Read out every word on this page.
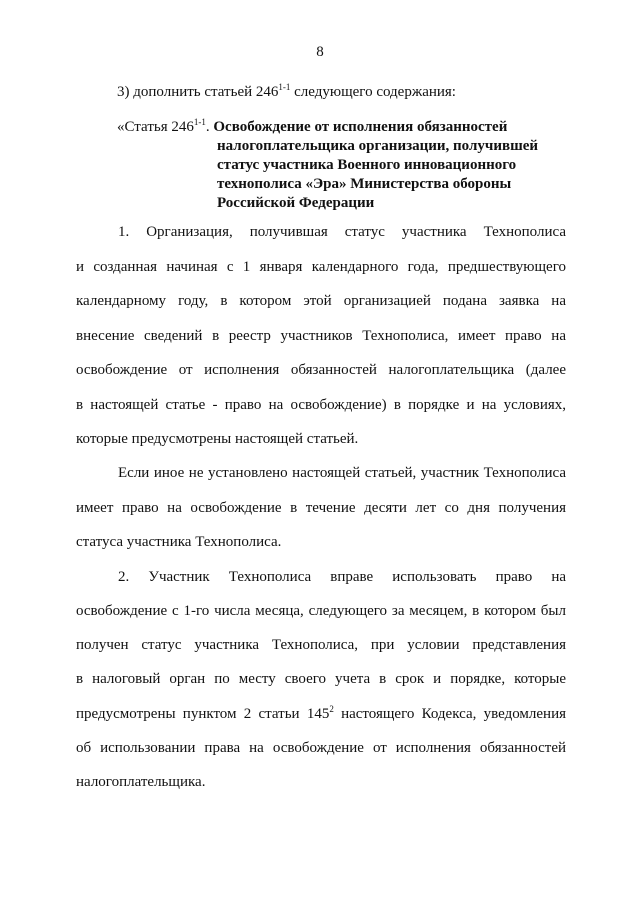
8
3) дополнить статьей 246$^{1-1}$ следующего содержания:
«Статья 246$^{1-1}$. Освобождение от исполнения обязанностей
налогоплательщика организации, получившей
статус участника Военного инновационного
технополиса «Эра» Министерства обороны
Российской Федерации
1. Организация, получившая статус участника Технополиса
и созданная начиная с 1 января календарного года, предшествующего
календарному году, в котором этой организацией подана заявка на
внесение сведений в реестр участников Технополиса, имеет право на
освобождение от исполнения обязанностей налогоплательщика (далее
в настоящей статье - право на освобождение) в порядке и на условиях,
которые предусмотрены настоящей статьей.
Если иное не установлено настоящей статьей, участник Технополиса
имеет право на освобождение в течение десяти лет со дня получения
статуса участника Технополиса.
2. Участник Технополиса вправе использовать право на
освобождение с 1-го числа месяца, следующего за месяцем, в котором был
получен статус участника Технополиса, при условии представления
в налоговый орган по месту своего учета в срок и порядке, которые
предусмотрены пунктом 2 статьи $145^2$ настоящего Кодекса, уведомления
об использовании права на освобождение от исполнения обязанностей
налогоплательщика.
